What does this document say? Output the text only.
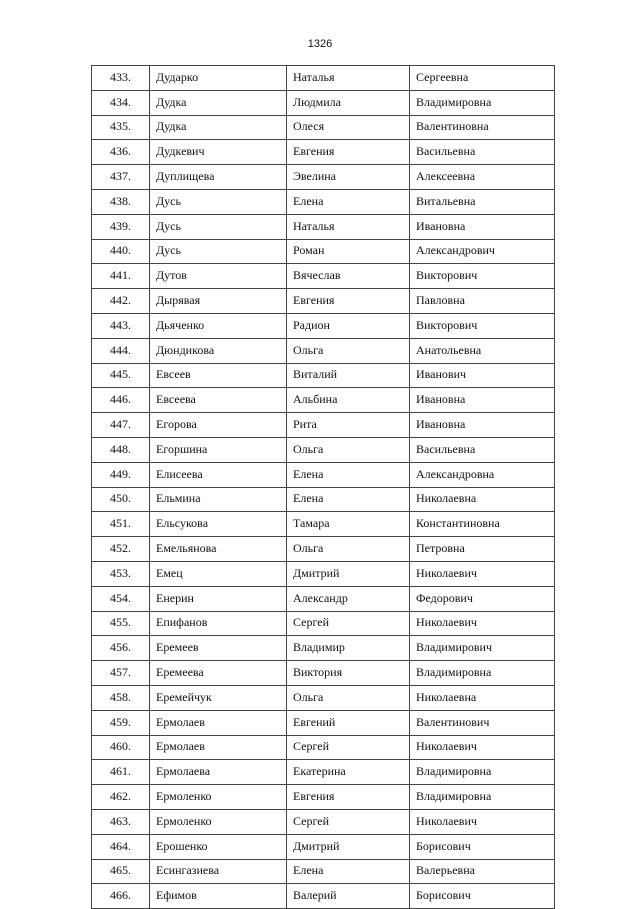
1326
433.	Дударко	Наталья	Сергеевна
434.	Дудка	Людмила	Владимировна
435.	Дудка	Олеся	Валентиновна
436.	Дудкевич	Евгения	Васильевна
437.	Дуплищева	Эвелина	Алексеевна
438.	Дусь	Елена	Витальевна
439.	Дусь	Наталья	Ивановна
440.	Дусь	Роман	Александрович
441.	Дутов	Вячеслав	Викторович
442.	Дырявая	Евгения	Павловна
443.	Дьяченко	Радион	Викторович
444.	Дюндикова	Ольга	Анатольевна
445.	Евсеев	Виталий	Иванович
446.	Евсеева	Альбина	Ивановна
447.	Егорова	Рита	Ивановна
448.	Егоршина	Ольга	Васильевна
449.	Елисеева	Елена	Александровна
450.	Ельмина	Елена	Николаевна
451.	Ельсукова	Тамара	Константиновна
452.	Емельянова	Ольга	Петровна
453.	Емец	Дмитрий	Николаевич
454.	Енерин	Александр	Федорович
455.	Епифанов	Сергей	Николаевич
456.	Еремеев	Владимир	Владимирович
457.	Еремеева	Виктория	Владимировна
458.	Еремейчук	Ольга	Николаевна
459.	Ермолаев	Евгений	Валентинович
460.	Ермолаев	Сергей	Николаевич
461.	Ермолаева	Екатерина	Владимировна
462.	Ермоленко	Евгения	Владимировна
463.	Ермоленко	Сергей	Николаевич
464.	Ерошенко	Дмитрий	Борисович
465.	Есингазиева	Елена	Валерьевна
466.	Ефимов	Валерий	Борисович
